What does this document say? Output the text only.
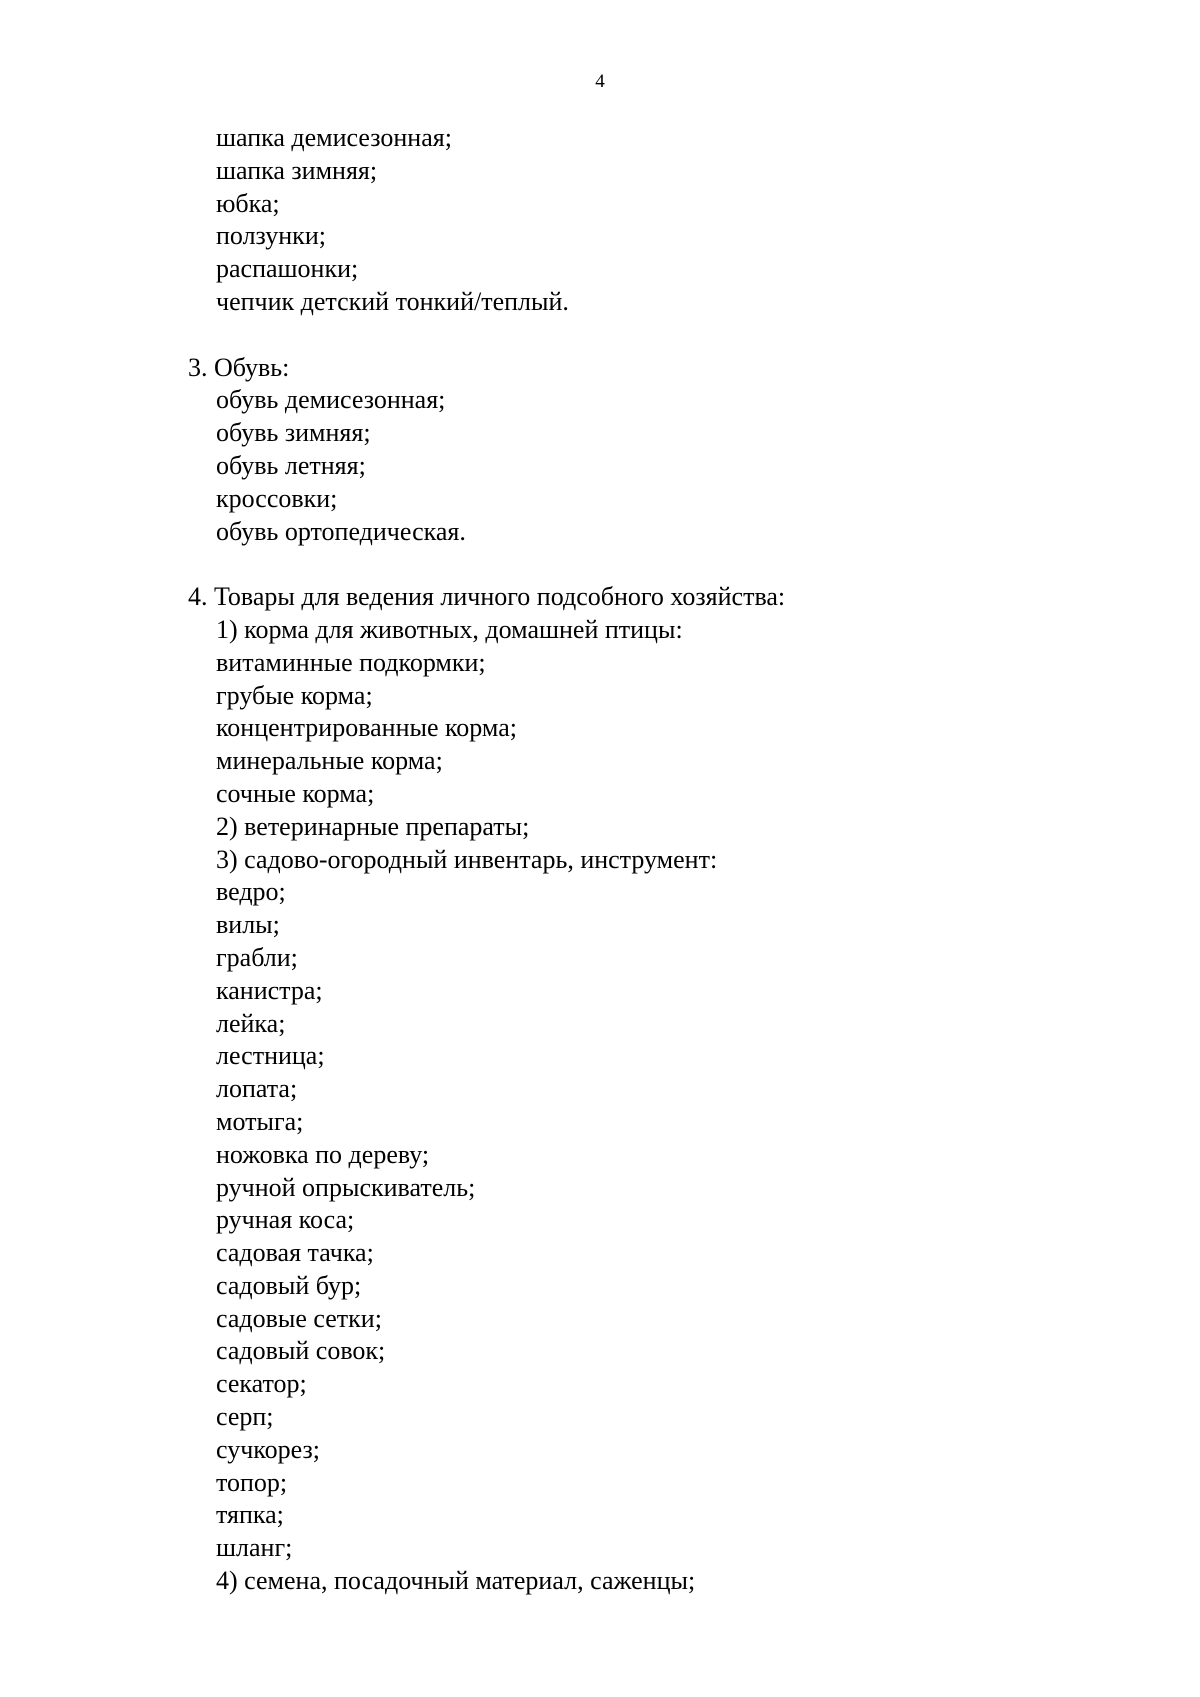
4
шапка демисезонная;
шапка зимняя;
юбка;
ползунки;
распашонки;
чепчик детский тонкий/теплый.
3. Обувь:
обувь демисезонная;
обувь зимняя;
обувь летняя;
кроссовки;
обувь ортопедическая.
4. Товары для ведения личного подсобного хозяйства:
1) корма для животных, домашней птицы:
витаминные подкормки;
грубые корма;
концентрированные корма;
минеральные корма;
сочные корма;
2) ветеринарные препараты;
3) садово-огородный инвентарь, инструмент:
ведро;
вилы;
грабли;
канистра;
лейка;
лестница;
лопата;
мотыга;
ножовка по дереву;
ручной опрыскиватель;
ручная коса;
садовая тачка;
садовый бур;
садовые сетки;
садовый совок;
секатор;
серп;
сучкорез;
топор;
тяпка;
шланг;
4) семена, посадочный материал, саженцы;
